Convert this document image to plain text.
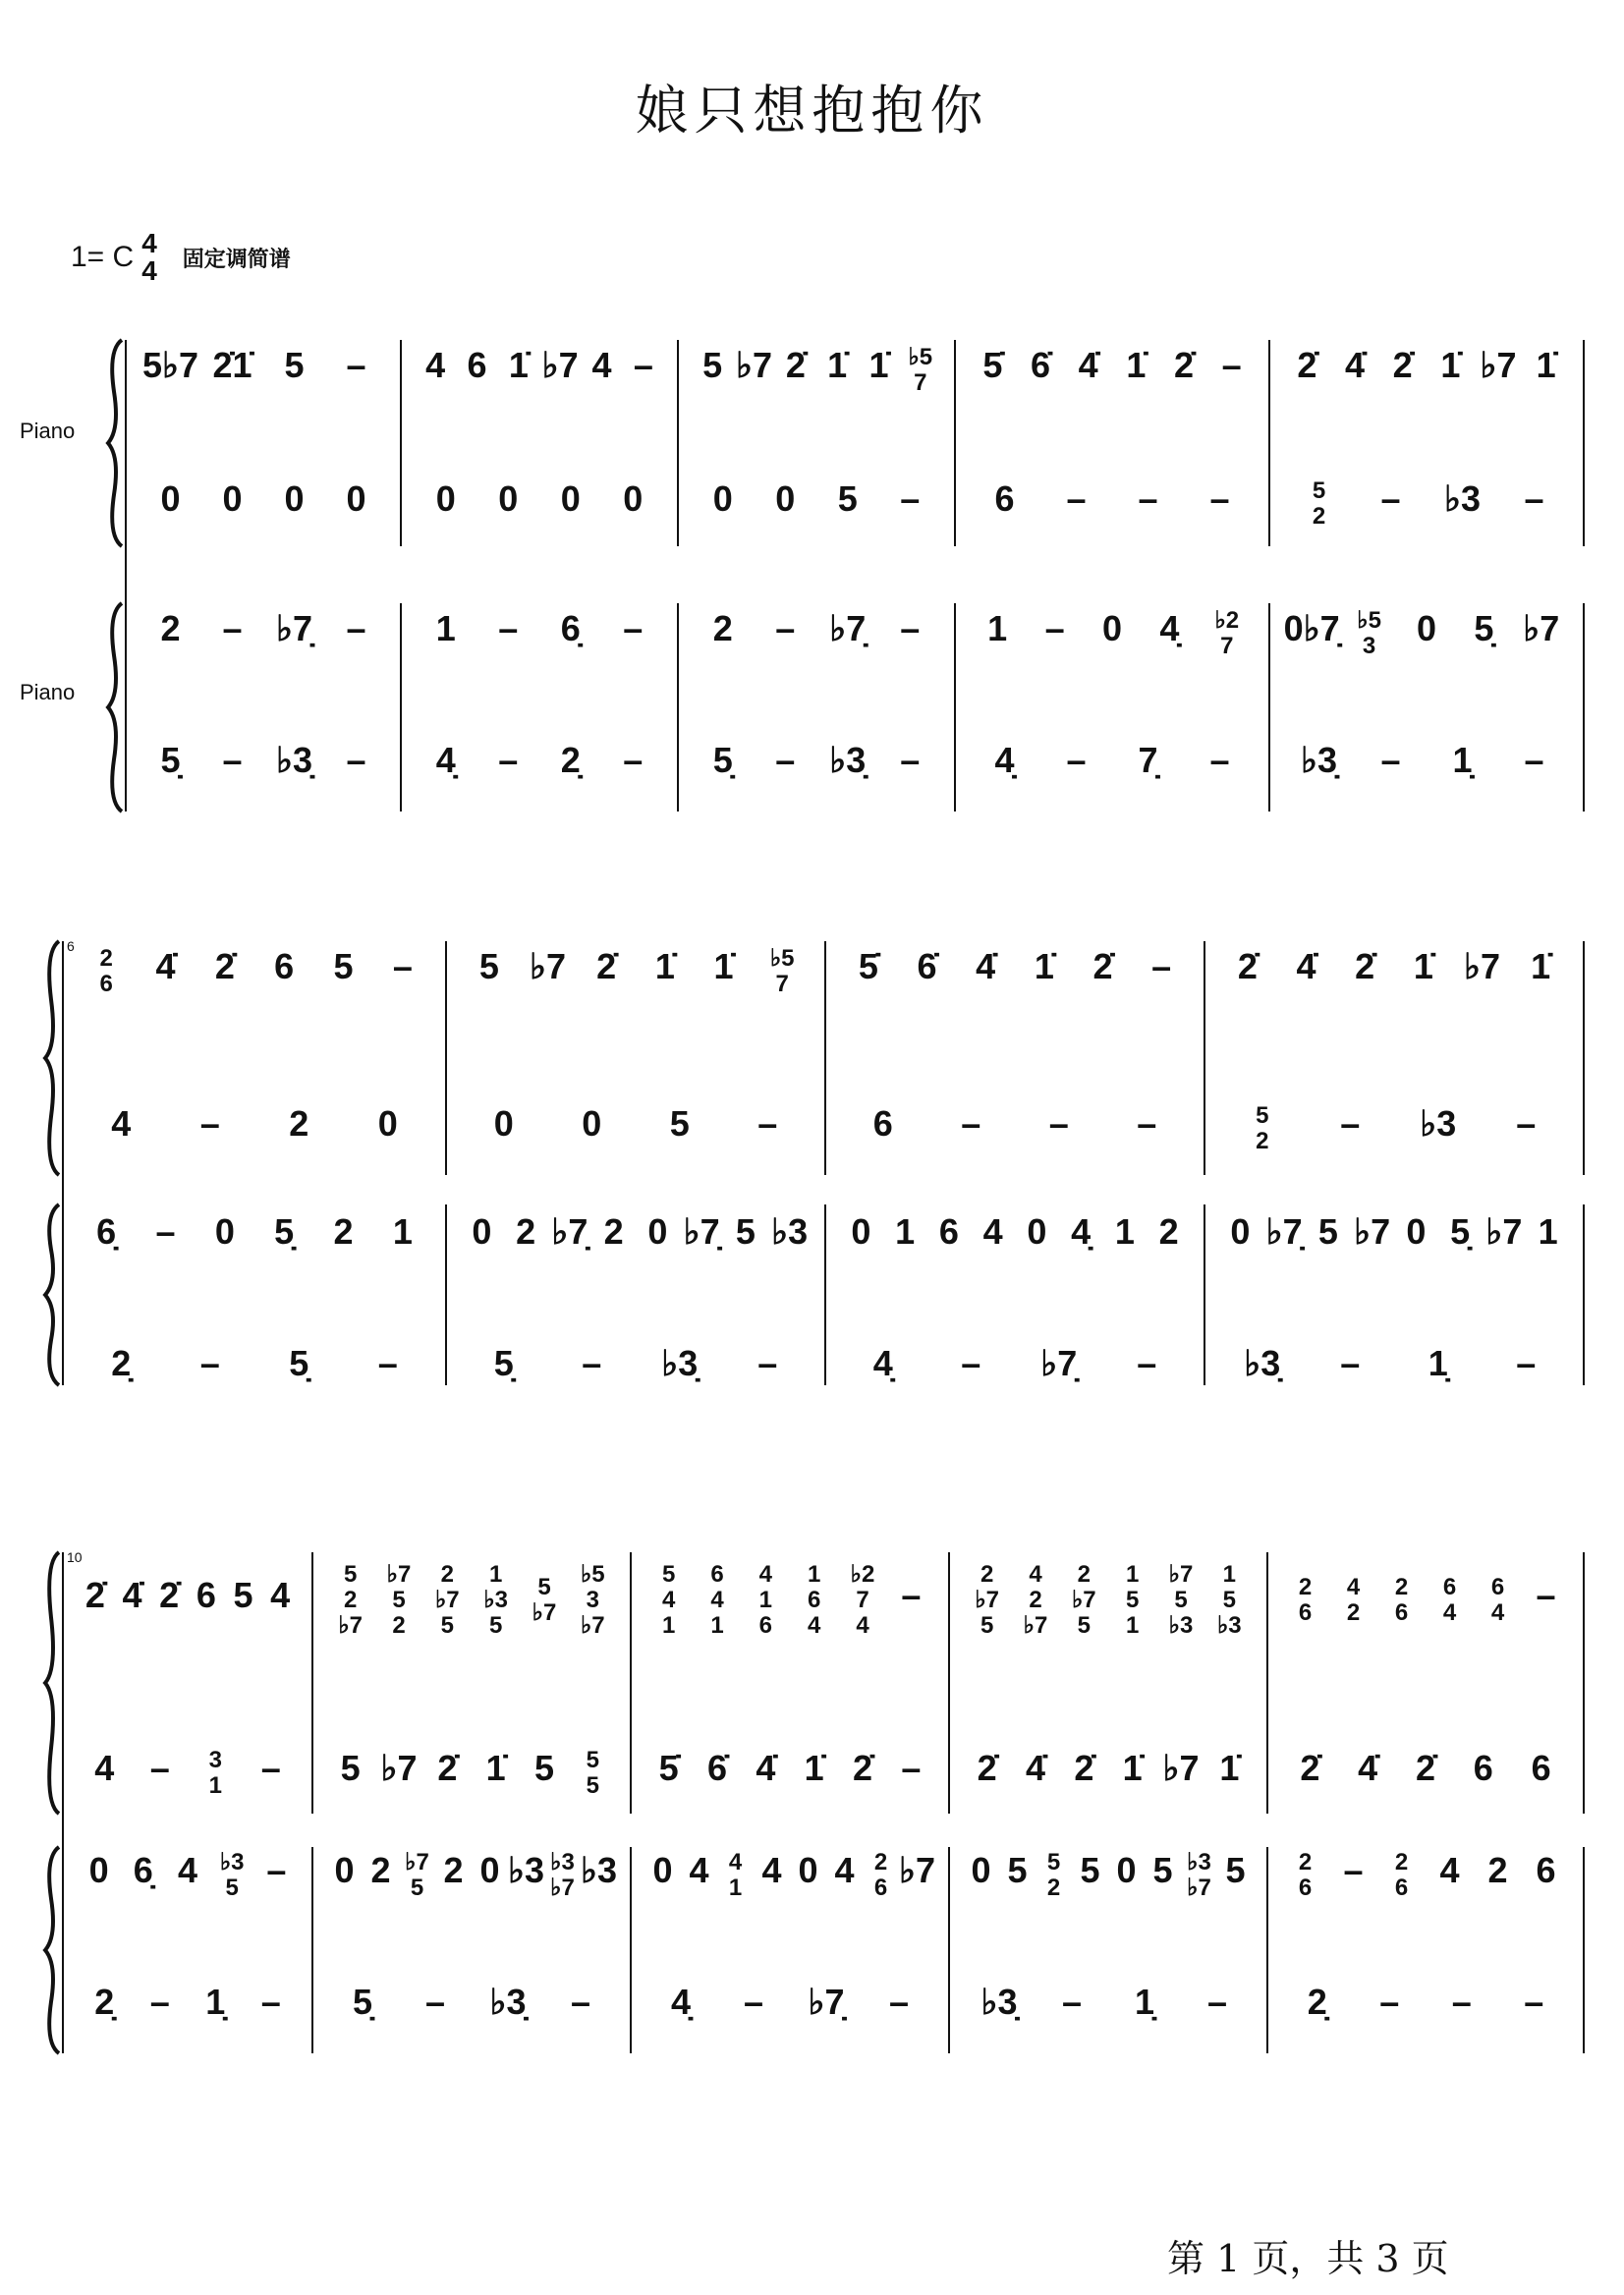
娘只想抱抱你
1= C 4
4 固定调简谱
Piano
Piano
5♭7 2̇1̇ 5 –
0 0 0 0
2 – ♭7̣ –
5̣ – ♭3̣ –
4 6 1̇ ♭7 4 –
0 0 0 0
1 – 6̣ –
4̣ – 2̣ –
5 ♭7 2̇ 1̇ 1̇ ♭5
7
0 0 5 –
2 – ♭7̣ –
5̣ – ♭3̣ –
5̇ 6̇ 4̇ 1̇ 2̇ –
6 – – –
1 – 0 4̣ ♭2
7
4̣ – 7̣ –
2̇ 4̇ 2̇ 1̇ ♭7 1̇
5
2 – ♭3 –
0♭7̣ ♭5
3 0 5̣ ♭7
♭3̣ – 1̣ –
6 2
6 4̇ 2̇ 6 5 –
4 – 2 0
6̣ – 0 5̣ 2 1
2̣ – 5̣ –
5 ♭7 2̇ 1̇ 1̇ ♭5
7
0 0 5 –
0 2 ♭7̣ 2 0 ♭7̣ 5 ♭3
5̣ – ♭3̣ –
5̇ 6̇ 4̇ 1̇ 2̇ –
6 – – –
0 1 6 4 0 4̣ 1 2
4̣ – ♭7̣ –
2̇ 4̇ 2̇ 1̇ ♭7 1̇
5
2 – ♭3 –
0 ♭7̣ 5 ♭7 0 5̣ ♭7 1
♭3̣ – 1̣ –
10
2̇ 4̇ 2̇ 6 5 4
4 – 3
1 –
0 6̣ 4 ♭3
5 –
2̣ – 1̣ –
5
2
♭7
♭7
5
2
2
♭7
5
1
♭3
5
5
♭7
♭5
3
♭7
5 ♭7 2̇ 1̇ 5 5
5
0 2 ♭7
5 2 0 ♭3 ♭3
♭7 ♭3
5̣ – ♭3̣ –
5
4
1
6
4
1
4
1
6
1
6
4
♭2
7
4
–
5̇ 6̇ 4̇ 1̇ 2̇ –
0 4 4
1 4 0 4 2
6 ♭7
4̣ – ♭7̣ –
2
♭7
5
4
2
♭7
2
♭7
5
1
5
1
♭7
5
♭3
1
5
♭3
2̇ 4̇ 2̇ 1̇ ♭7 1̇
0 5 5
2 5 0 5 ♭3
♭7 5
♭3̣ – 1̣ –
2
6
4
2
2
6
6
4
6
4 –
2̇ 4̇ 2̇ 6 6
2
6 – 2
6 4 2 6
2̣ – – –
第 1 页，共 3 页
